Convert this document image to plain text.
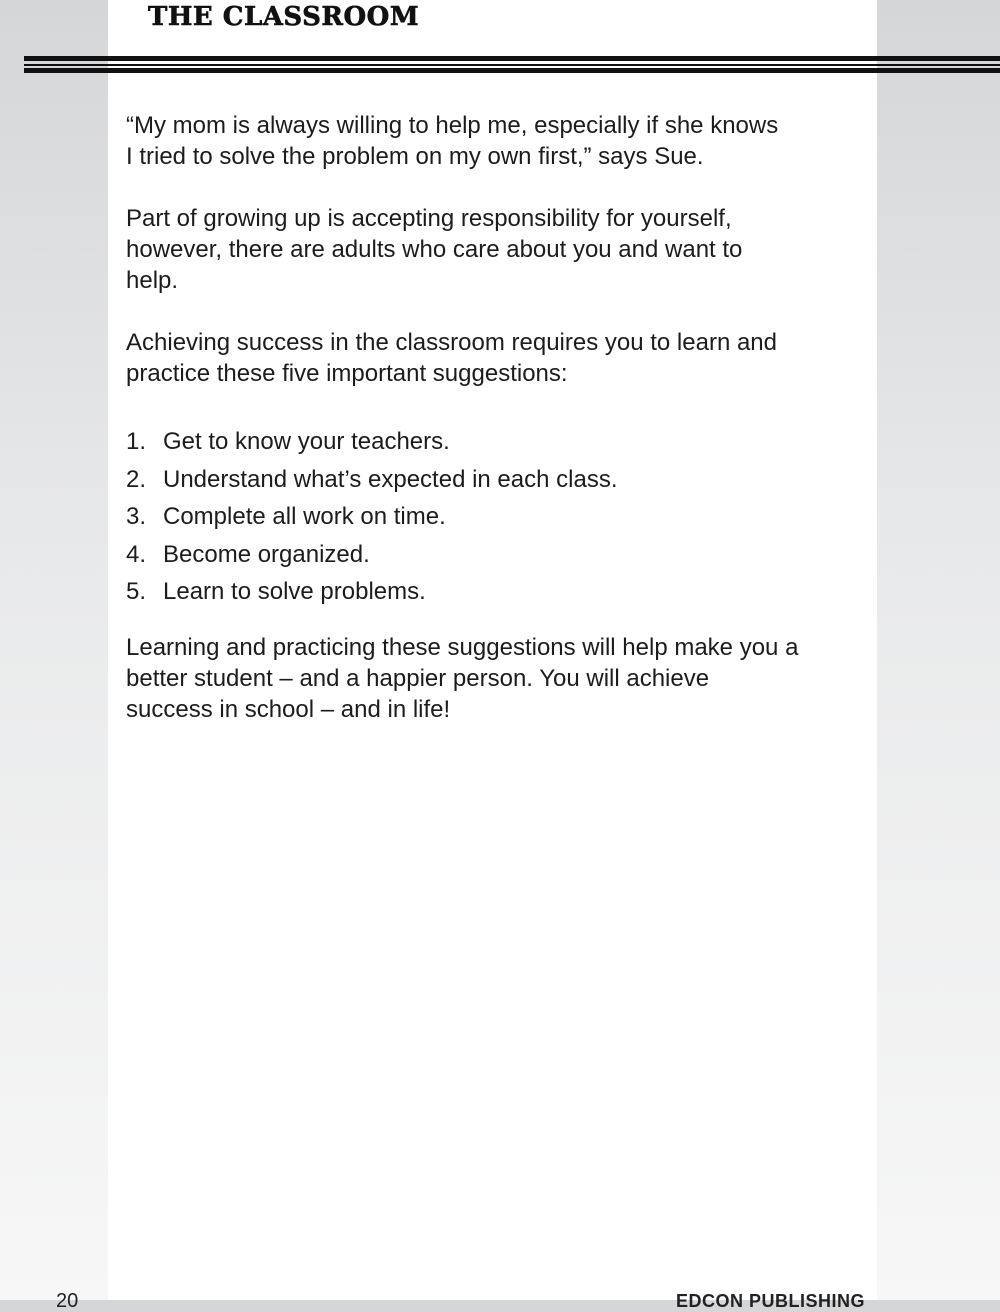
THE CLASSROOM

“My mom is always willing to help me, especially if she knows
I tried to solve the problem on my own first,” says Sue.

Part of growing up is accepting responsibility for yourself,
however, there are adults who care about you and want to
help.

Achieving success in the classroom requires you to learn and
practice these five important suggestions:

1. Get to know your teachers.
2. Understand what’s expected in each class.
3. Complete all work on time.
4. Become organized.
5. Learn to solve problems.

Learning and practicing these suggestions will help make you a
better student – and a happier person. You will achieve
success in school – and in life!

20	EDCON PUBLISHING
